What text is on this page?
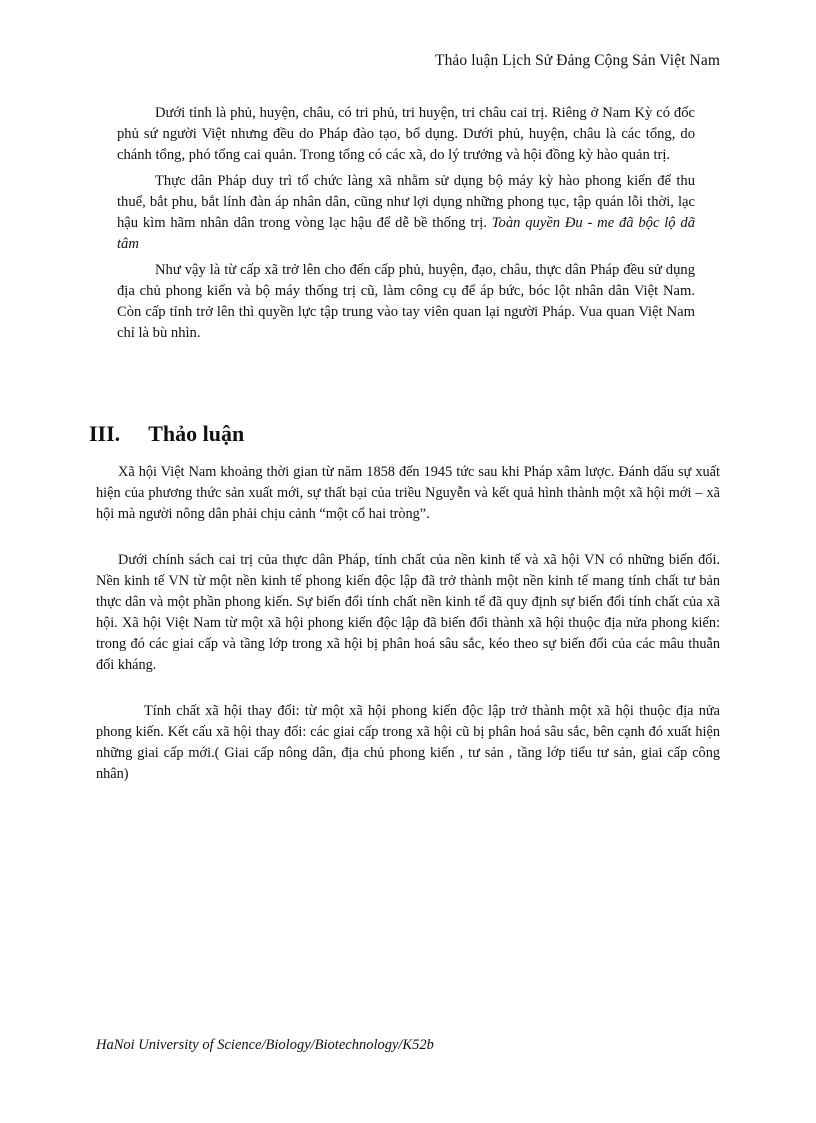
Thảo luận Lịch Sử Đảng Cộng Sản Việt Nam

Dưới tỉnh là phủ, huyện, châu, có tri phủ, tri huyện, tri châu cai trị. Riêng ở Nam Kỳ có đốc phủ sứ người Việt nhưng đều do Pháp đào tạo, bổ dụng. Dưới phủ, huyện, châu là các tổng, do chánh tổng, phó tổng cai quản. Trong tổng có các xã, do lý trưởng và hội đồng kỳ hào quản trị.

Thực dân Pháp duy trì tổ chức làng xã nhằm sử dụng bộ máy kỳ hào phong kiến để thu thuế, bắt phu, bắt lính đàn áp nhân dân, cũng như lợi dụng những phong tục, tập quán lỗi thời, lạc hậu kìm hãm nhân dân trong vòng lạc hậu để dễ bề thống trị. Toàn quyền Đu - me đã bộc lộ dã tâm

Như vậy là từ cấp xã trở lên cho đến cấp phủ, huyện, đạo, châu, thực dân Pháp đều sử dụng địa chủ phong kiến và bộ máy thống trị cũ, làm công cụ để áp bức, bóc lột nhân dân Việt Nam. Còn cấp tỉnh trở lên thì quyền lực tập trung vào tay viên quan lại người Pháp. Vua quan Việt Nam chỉ là bù nhìn.

III. Thảo luận

Xã hội Việt Nam khoảng thời gian từ năm 1858 đến 1945 tức sau khi Pháp xâm lược. Đánh dấu sự xuất hiện của phương thức sản xuất mới, sự thất bại của triều Nguyễn và kết quả hình thành một xã hội mới – xã hội mà người nông dân phải chịu cảnh “một cổ hai tròng”.

Dưới chính sách cai trị của thực dân Pháp, tính chất của nền kinh tế và xã hội VN có những biến đổi. Nền kinh tế VN từ một nền kinh tế phong kiến độc lập đã trở thành một nền kinh tế mang tính chất tư bản thực dân và một phần phong kiến. Sự biến đổi tính chất nền kinh tế đã quy định sự biến đổi tính chất của xã hội. Xã hội Việt Nam từ một xã hội phong kiến độc lập đã biến đổi thành xã hội thuộc địa nửa phong kiến: trong đó các giai cấp và tầng lớp trong xã hội bị phân hoá sâu sắc, kéo theo sự biến đổi của các mâu thuẫn đối kháng.

Tính chất xã hội thay đổi: từ một xã hội phong kiến độc lập trở thành một xã hội thuộc địa nửa phong kiến. Kết cấu xã hội thay đổi: các giai cấp trong xã hội cũ bị phân hoá sâu sắc, bên cạnh đó xuất hiện những giai cấp mới.( Giai cấp nông dân, địa chủ phong kiến , tư sản , tầng lớp tiểu tư sản, giai cấp công nhân)

HaNoi University of Science/Biology/Biotechnology/K52b
